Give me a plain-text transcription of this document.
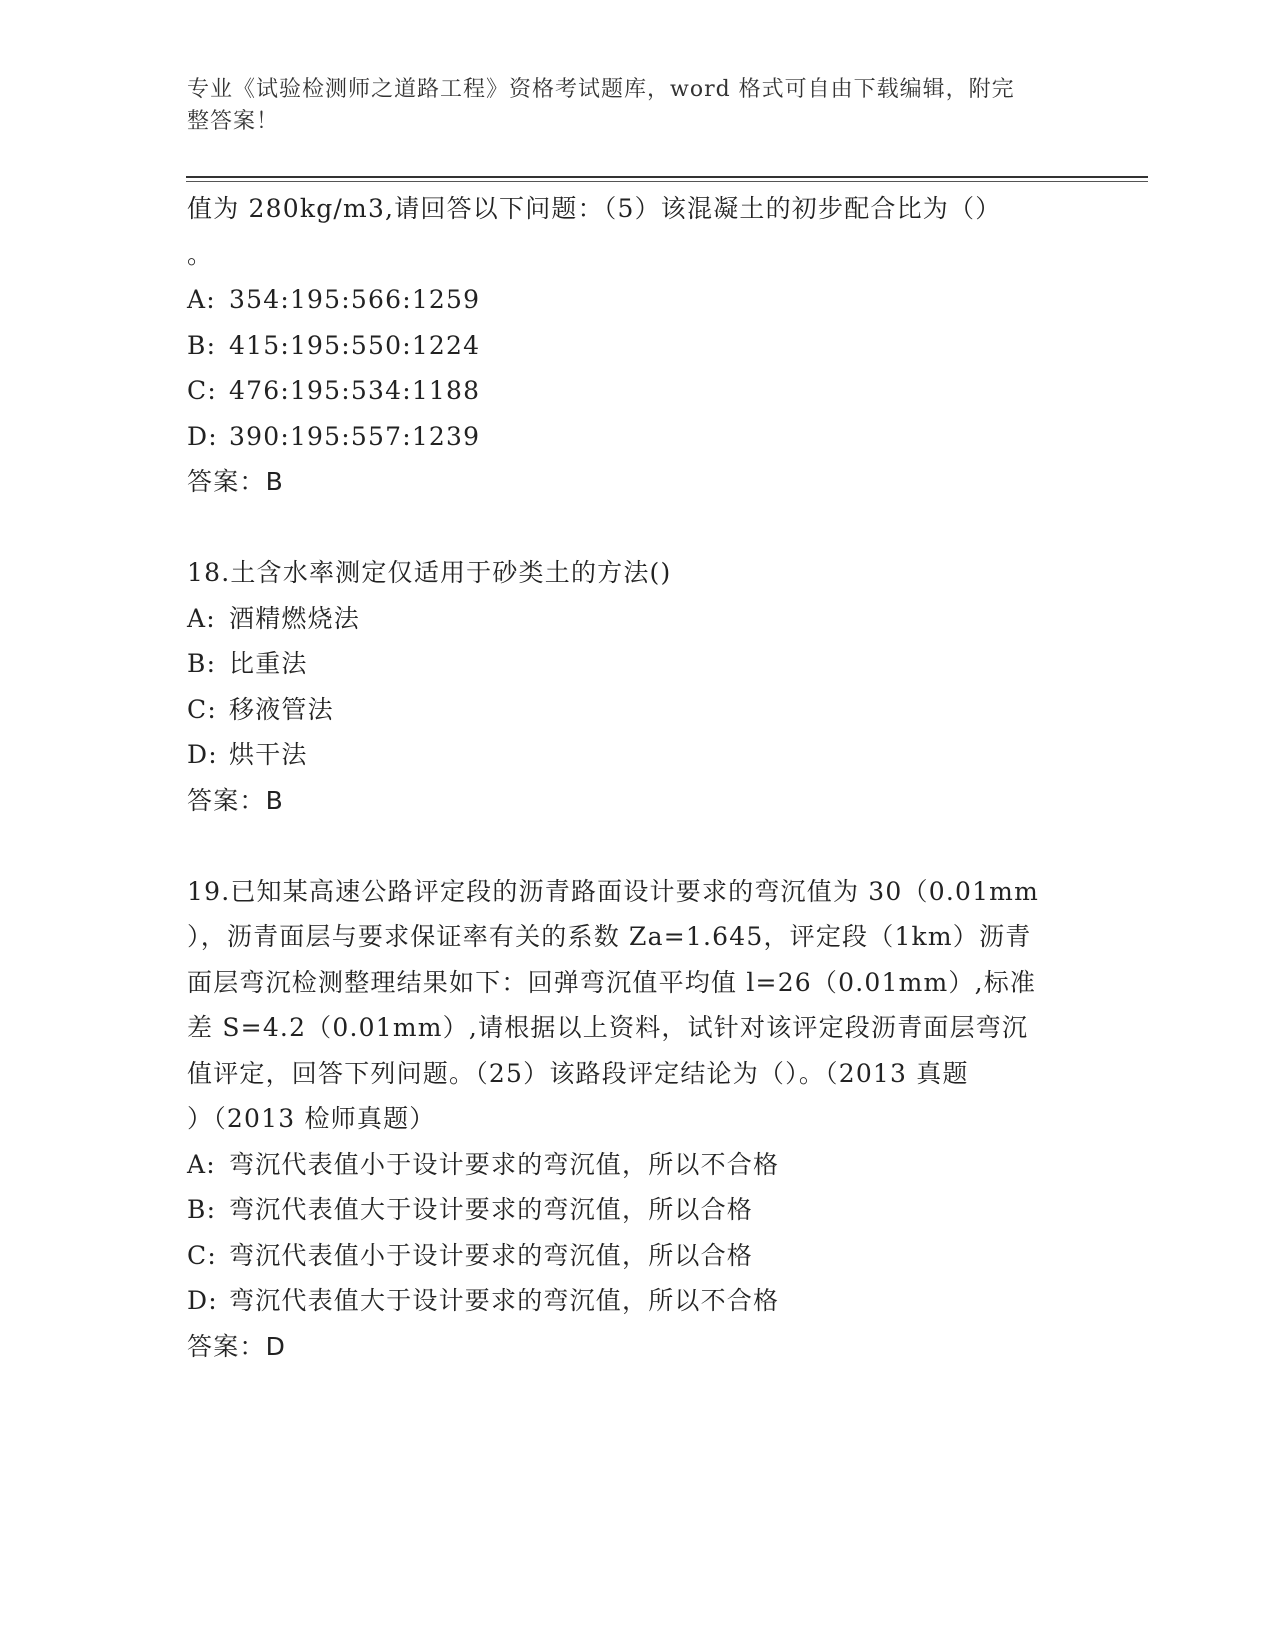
专业《试验检测师之道路工程》资格考试题库，word 格式可自由下载编辑，附完
整答案！
值为 280kg/m3,请回答以下问题：（5）该混凝土的初步配合比为（）
。
A: 354:195:566:1259
B: 415:195:550:1224
C: 476:195:534:1188
D: 390:195:557:1239
答案：B
18.土含水率测定仅适用于砂类土的方法()
A: 酒精燃烧法
B: 比重法
C: 移液管法
D: 烘干法
答案：B
19.已知某高速公路评定段的沥青路面设计要求的弯沉值为 30（0.01mm
），沥青面层与要求保证率有关的系数 Za=1.645，评定段（1km）沥青
面层弯沉检测整理结果如下：回弹弯沉值平均值 l=26（0.01mm）,标准
差 S=4.2（0.01mm）,请根据以上资料，试针对该评定段沥青面层弯沉
值评定，回答下列问题。（25）该路段评定结论为（）。（2013 真题
）（2013 检师真题）
A: 弯沉代表值小于设计要求的弯沉值，所以不合格
B: 弯沉代表值大于设计要求的弯沉值，所以合格
C: 弯沉代表值小于设计要求的弯沉值，所以合格
D: 弯沉代表值大于设计要求的弯沉值，所以不合格
答案：D
